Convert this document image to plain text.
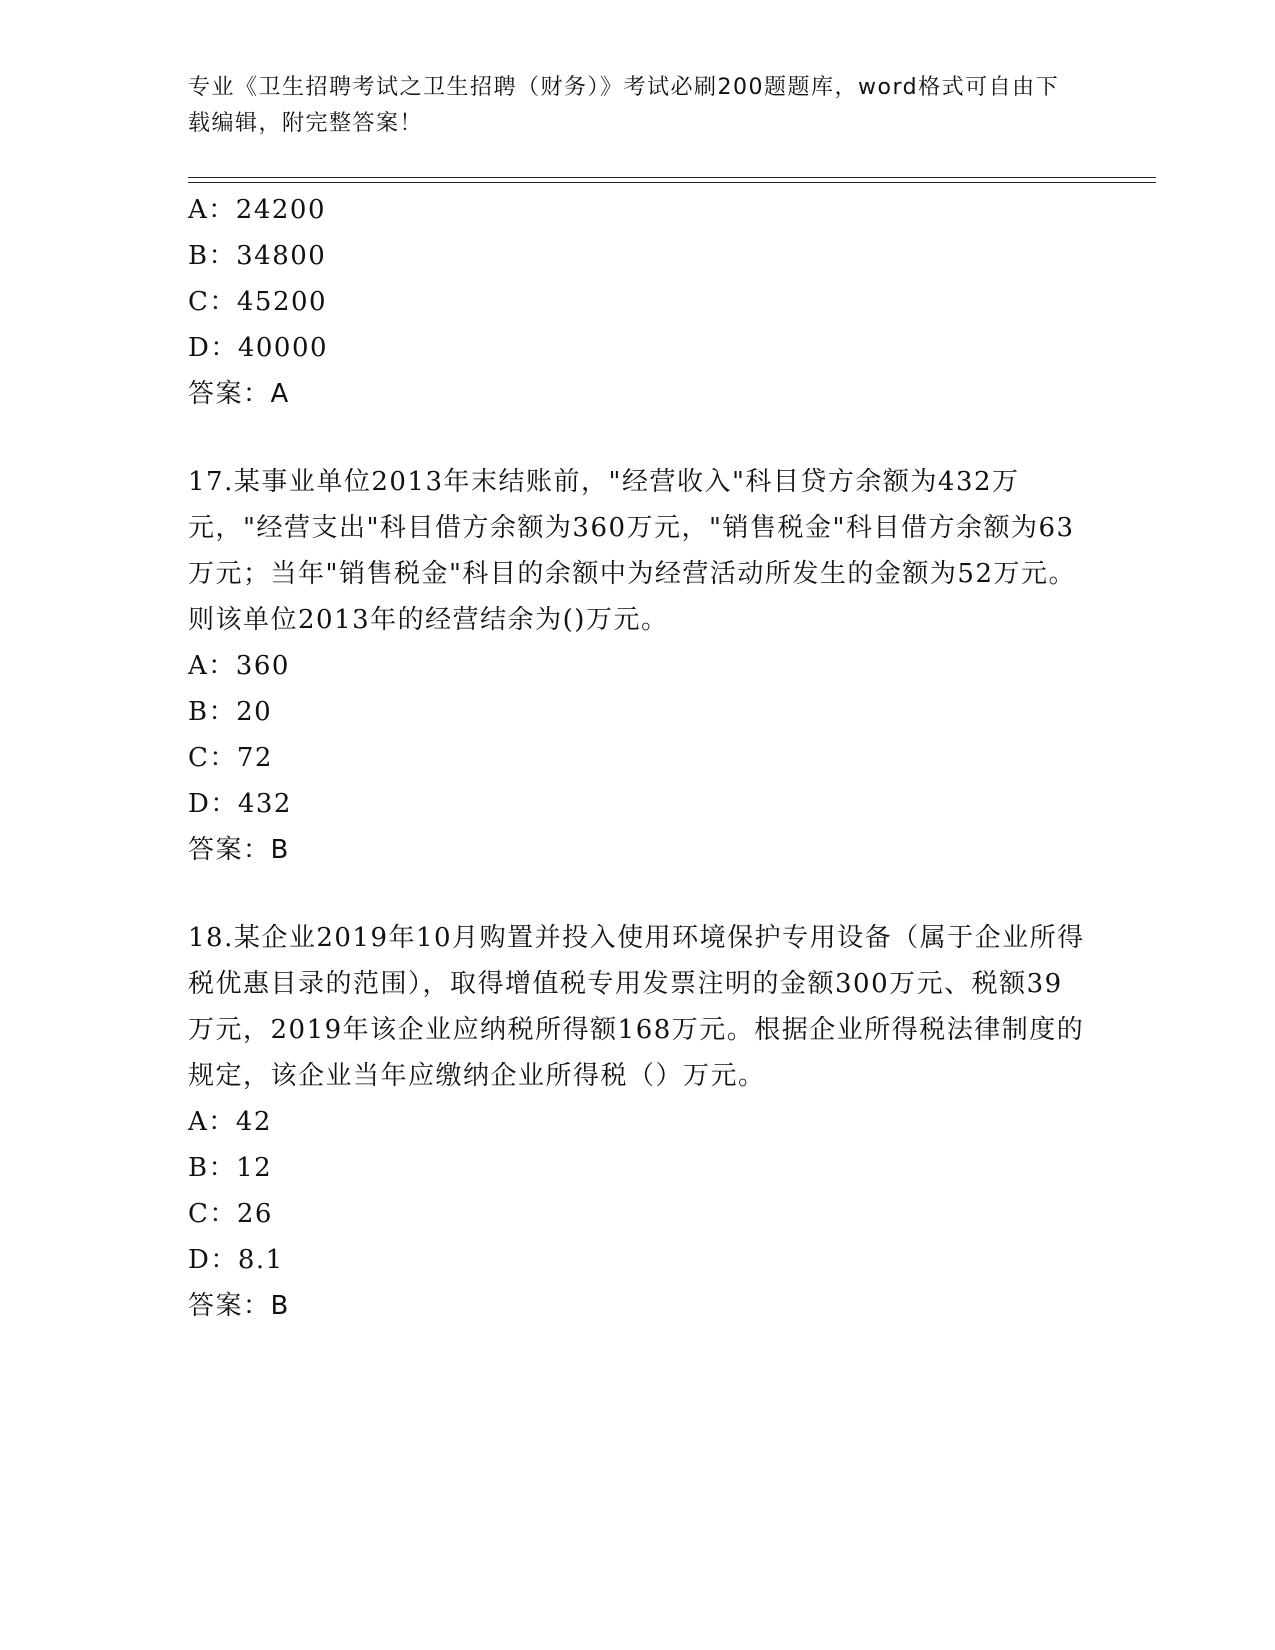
专业《卫生招聘考试之卫生招聘（财务）》考试必刷200题题库，word格式可自由下载编辑，附完整答案！
A：24200
B：34800
C：45200
D：40000
答案：A
17.某事业单位2013年末结账前，"经营收入"科目贷方余额为432万元，"经营支出"科目借方余额为360万元，"销售税金"科目借方余额为63万元；当年"销售税金"科目的余额中为经营活动所发生的金额为52万元。则该单位2013年的经营结余为()万元。
A：360
B：20
C：72
D：432
答案：B
18.某企业2019年10月购置并投入使用环境保护专用设备（属于企业所得税优惠目录的范围），取得增值税专用发票注明的金额300万元、税额39万元，2019年该企业应纳税所得额168万元。根据企业所得税法律制度的规定，该企业当年应缴纳企业所得税（）万元。
A：42
B：12
C：26
D：8.1
答案：B
